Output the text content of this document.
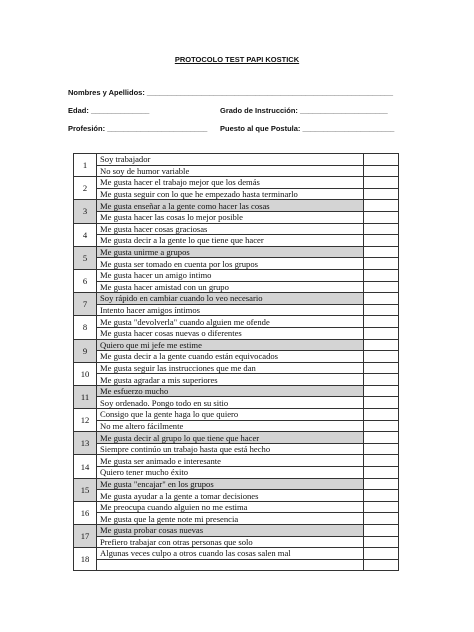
PROTOCOLO TEST PAPI KOSTICK
Nombres y Apellidos: ___________________________________________________________
Edad: ______________	Grado de Instrucción: _____________________
Profesión: ________________________ Puesto al que Postula: ______________________
1	Soy trabajador	
	No soy de humor variable	
2	Me gusta hacer el trabajo mejor que los demás	
	Me gusta seguir con lo que he empezado hasta terminarlo	
3	Me gusta enseñar a la gente como hacer las cosas	
	Me gusta hacer las cosas lo mejor posible	
4	Me gusta hacer cosas graciosas	
	Me gusta decir a la gente lo que tiene que hacer	
5	Me gusta unirme a grupos	
	Me gusta ser tomado en cuenta por los grupos	
6	Me gusta hacer un amigo intimo	
	Me gusta hacer amistad con un grupo	
7	Soy rápido en cambiar cuando lo veo necesario	
	Intento hacer amigos íntimos	
8	Me gusta "devolverla" cuando alguien me ofende	
	Me gusta hacer cosas nuevas o diferentes	
9	Quiero que mi jefe me estime	
	Me gusta decir a la gente cuando están equivocados	
10	Me gusta seguir las instrucciones que me dan	
	Me gusta agradar a mis superiores	
11	Me esfuerzo mucho	
	Soy ordenado. Pongo todo en su sitio	
12	Consigo que la gente haga lo que quiero	
	No me altero fácilmente	
13	Me gusta decir al grupo lo que tiene que hacer	
	Siempre continúo un trabajo hasta que está hecho	
14	Me gusta ser animado e interesante	
	Quiero tener mucho éxito	
15	Me gusta "encajar" en los grupos	
	Me gusta ayudar a la gente a tomar decisiones	
16	Me preocupa cuando alguien no me estima	
	Me gusta que la gente note mi presencia	
17	Me gusta probar cosas nuevas	
	Prefiero trabajar con otras personas que solo	
18	Algunas veces culpo a otros cuando las cosas salen mal	
